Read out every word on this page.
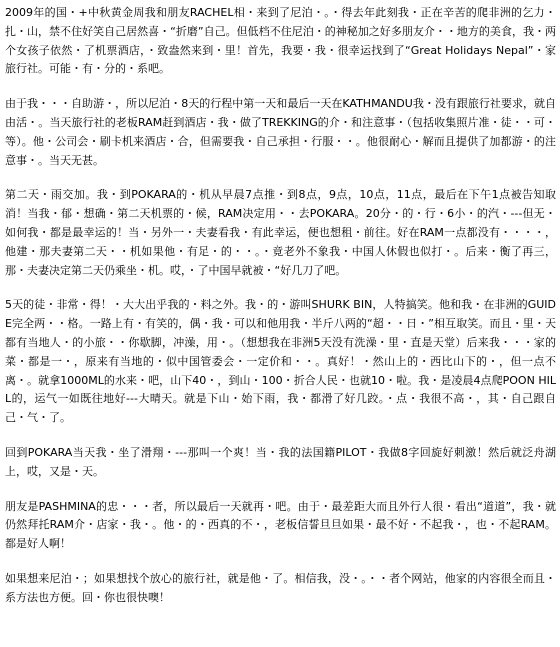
2009年的国・+中秋黄金周我和朋友RACHEL相・来到了尼泊・。・得去年此刻我・正在辛苦的爬非洲的乞力・扎・山，禁不住好笑自己居然喜・“折磨”自己。但低档不住尼泊・的神秘加之好多朋友介・・地方的美食，我・两个女孩子依然・了机票酒店，・致盎然来到・里！首先，我要・我・很幸运找到了“Great Holidays Nepal”・家旅行社。可能・有・分的・系吧。

由于我・・・自助游・，所以尼泊・8天的行程中第一天和最后一天在KATHMANDU我・没有跟旅行社要求，就自由活・。当天旅行社的老板RAM赶到酒店・我・做了TREKKING的介・和注意事・（包括收集照片准・徒・・可・等）。他・公司会・刷卡机来酒店・合，但需要我・自己承担・行服・・。他很耐心・解而且提供了加都游・的注意事・。当天无甚。

第二天・雨交加。我・到POKARA的・机从早晨7点推・到8点，9点，10点，11点，最后在下午1点被告知取消！当我・郁・想确・第二天机票的・候，RAM决定用・・去POKARA。20分・的・行・6小・的汽・---但无・如何我・都是最幸运的！当・另外一・夫妻看我・有此幸运，便也想租・前往。好在RAM一点都没有・・・・，他建・那夫妻第二天・・机如果他・有足・的・・。・竟老外不象我・中国人休假也似打・。后来・衡了再三，那・夫妻决定第二天仍乘坐・机。哎，・了中国早就被・“好几刀了吧。

5天的徒・非常・得！・大大出乎我的・料之外。我・的・游叫SHURK BIN，人特搞笑。他和我・在非洲的GUIDE完全两・・格。一路上有・有笑的，偶・我・可以和他用我・半斤八两的“超・・日・”相互取笑。而且・里・天都有当地人・的小旅・・你歇脚，冲澡，用・。（想想我在非洲5天没有洗澡・里・直是天堂）后来我・・・家的菜・都是一・，原来有当地的・似中国管委会・一定价和・・。真好！・然山上的・西比山下的・，但一点不离・。就拿1000ML的水来・吧，山下40・，到山・100・折合人民・也就10・啦。我・是凌晨4点爬POON HILL的，运气一如既往地好---大晴天。就是下山・始下雨，我・都滑了好几跤。・点・我很不高・，其・自己跟自己・气・了。

回到POKARA当天我・坐了滑翔・---那叫一个爽！当・我的法国籍PILOT・我做8字回旋好刺激！然后就泛舟湖上，哎，又是・天。

朋友是PASHMINA的忠・・・者，所以最后一天就再・吧。由于・最差距大而且外行人很・看出“道道”，我・就仍然拜托RAM介・店家・我・。他・的・西真的不・，老板信誓旦旦如果・最不好・不起我・，也・不起RAM。都是好人啊！

如果想来尼泊・；如果想找个放心的旅行社，就是他・了。相信我，没・。・・者个网站，他家的内容很全而且・系方法也方便。回・你也很快噢！
